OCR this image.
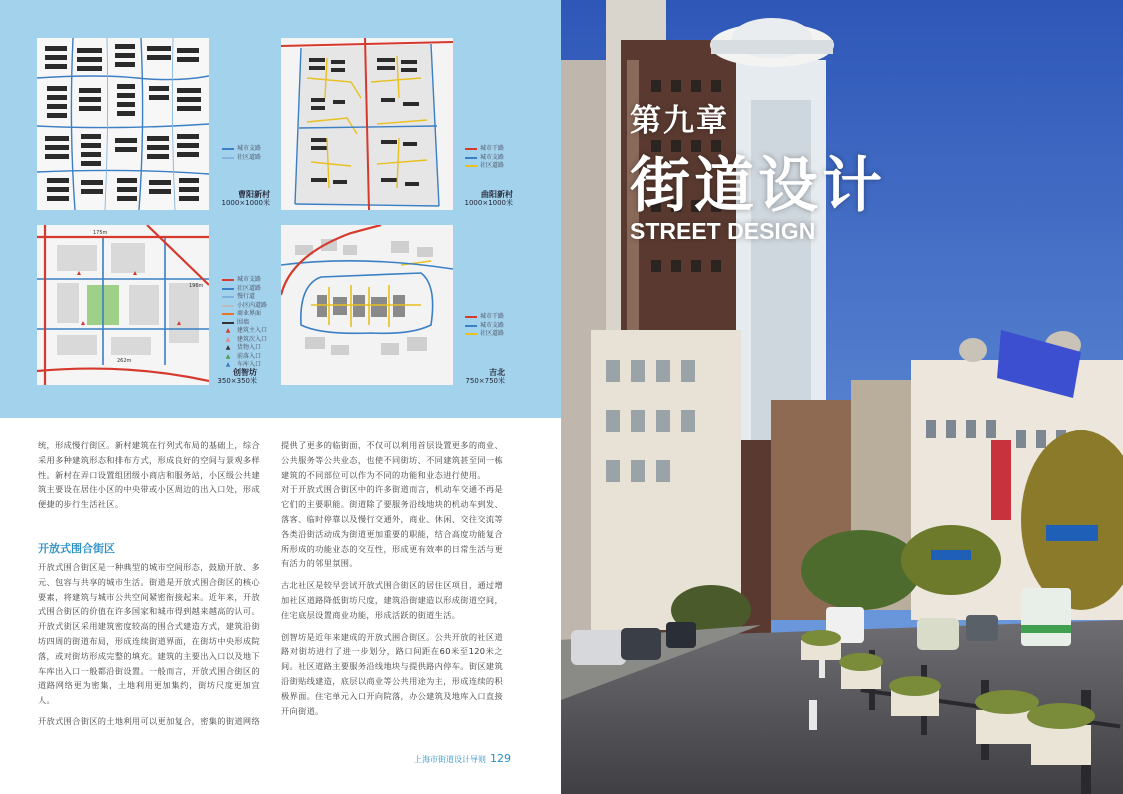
城市支路
社区道路
曹阳新村
1000×1000米
城市干路
城市支路
社区道路
曲阳新村
1000×1000米
175m
196m
262m
城市支路
社区道路
慢行道
小区内道路
商业界面
围墙
▲	建筑主入口
▲	建筑次入口
▲	货物入口
▲	前落入口
▲	车库入口
创智坊
350×350米
城市干路
城市支路
社区道路
吉北
750×750米

统，形成慢行街区。新村建筑在行列式布局的基础上，综合采用多种建筑形态和排布方式，形成良好的空间与景观多样性。新村在弄口设置组团级小商店和服务站，小区级公共建筑主要设在居住小区的中央带或小区周边的出入口处，形成便捷的步行生活社区。

开放式围合街区

开放式围合街区是一种典型的城市空间形态，鼓励开放、多元、包容与共享的城市生活。街道是开放式围合街区的核心要素，将建筑与城市公共空间紧密衔接起来。近年来，开放式围合街区的价值在许多国家和城市得到越来越高的认可。开放式街区采用建筑密度较高的围合式建造方式，建筑沿街坊四周的街道布局，形成连续街道界面，在街坊中央形成院落，或对街坊形成完整的填充。建筑的主要出入口以及地下车库出入口一般都沿街设置。一般而言，开放式围合街区的道路网络更为密集，土地利用更加集约，街坊尺度更加宜人。

开放式围合街区的土地利用可以更加复合，密集的街道网络

提供了更多的临街面，不仅可以利用首层设置更多的商业、公共服务等公共业态，也使不同街坊、不同建筑甚至同一栋建筑的不同部位可以作为不同的功能和业态进行使用。

对于开放式围合街区中的许多街道而言，机动车交通不再是它们的主要职能。街道除了要服务沿线地块的机动车到发、落客、临时停靠以及慢行交通外，商业、休闲、交往交流等各类沿街活动成为街道更加重要的职能，结合高度功能复合所形成的功能业态的交互性，形成更有效率的日常生活与更有活力的邻里氛围。

古北社区是较早尝试开放式围合街区的居住区项目，通过增加社区道路降低街坊尺度，建筑沿街建造以形成街道空间，住宅底层设置商业功能，形成活跃的街道生活。

创智坊是近年来建成的开放式围合街区。公共开放的社区道路对街坊进行了进一步划分，路口间距在60米至120米之间。社区道路主要服务沿线地块与提供路内停车。街区建筑沿街贴线建造，底层以商业等公共用途为主，形成连续的积极界面。住宅单元入口开向院落，办公建筑及地库入口直接开向街道。

上海市街道设计导则 129
第九章
街道设计
STREET DESIGN
